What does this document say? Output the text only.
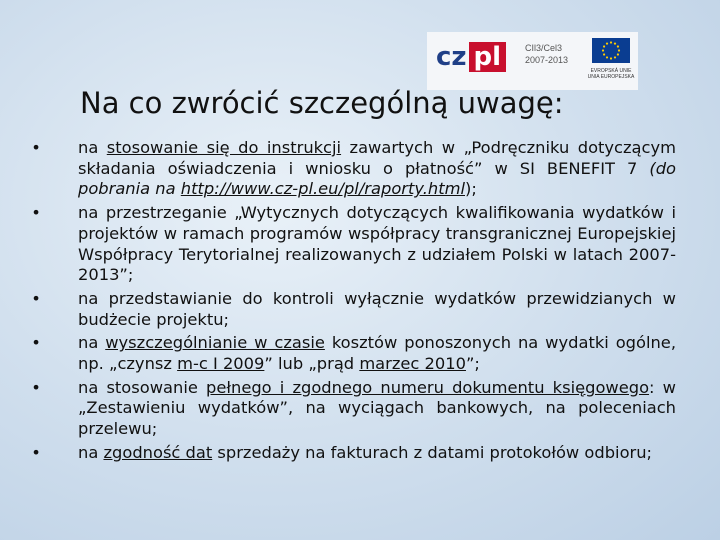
cz pl	CIl3/Cel3
2007-2013
EVROPSKÁ UNIE UNIA EUROPEJSKA
Na co zwrócić szczególną uwagę:
• na stosowanie się do instrukcji zawartych w „Podręczniku dotyczącym składania oświadczenia i wniosku o płatność” w SI BENEFIT 7 (do pobrania na http://www.cz-pl.eu/pl/raporty.html);
• na przestrzeganie „Wytycznych dotyczących kwalifikowania wydatków i projektów w ramach programów współpracy transgranicznej Europejskiej Współpracy Terytorialnej realizowanych z udziałem Polski w latach 2007-2013”;
• na przedstawianie do kontroli wyłącznie wydatków przewidzianych w budżecie projektu;
• na wyszczególnianie w czasie kosztów ponoszonych na wydatki ogólne, np. „czynsz m-c I 2009” lub „prąd marzec 2010”;
• na stosowanie pełnego i zgodnego numeru dokumentu księgowego: w „Zestawieniu wydatków”, na wyciągach bankowych, na poleceniach przelewu;
• na zgodność dat sprzedaży na fakturach z datami protokołów odbioru;
